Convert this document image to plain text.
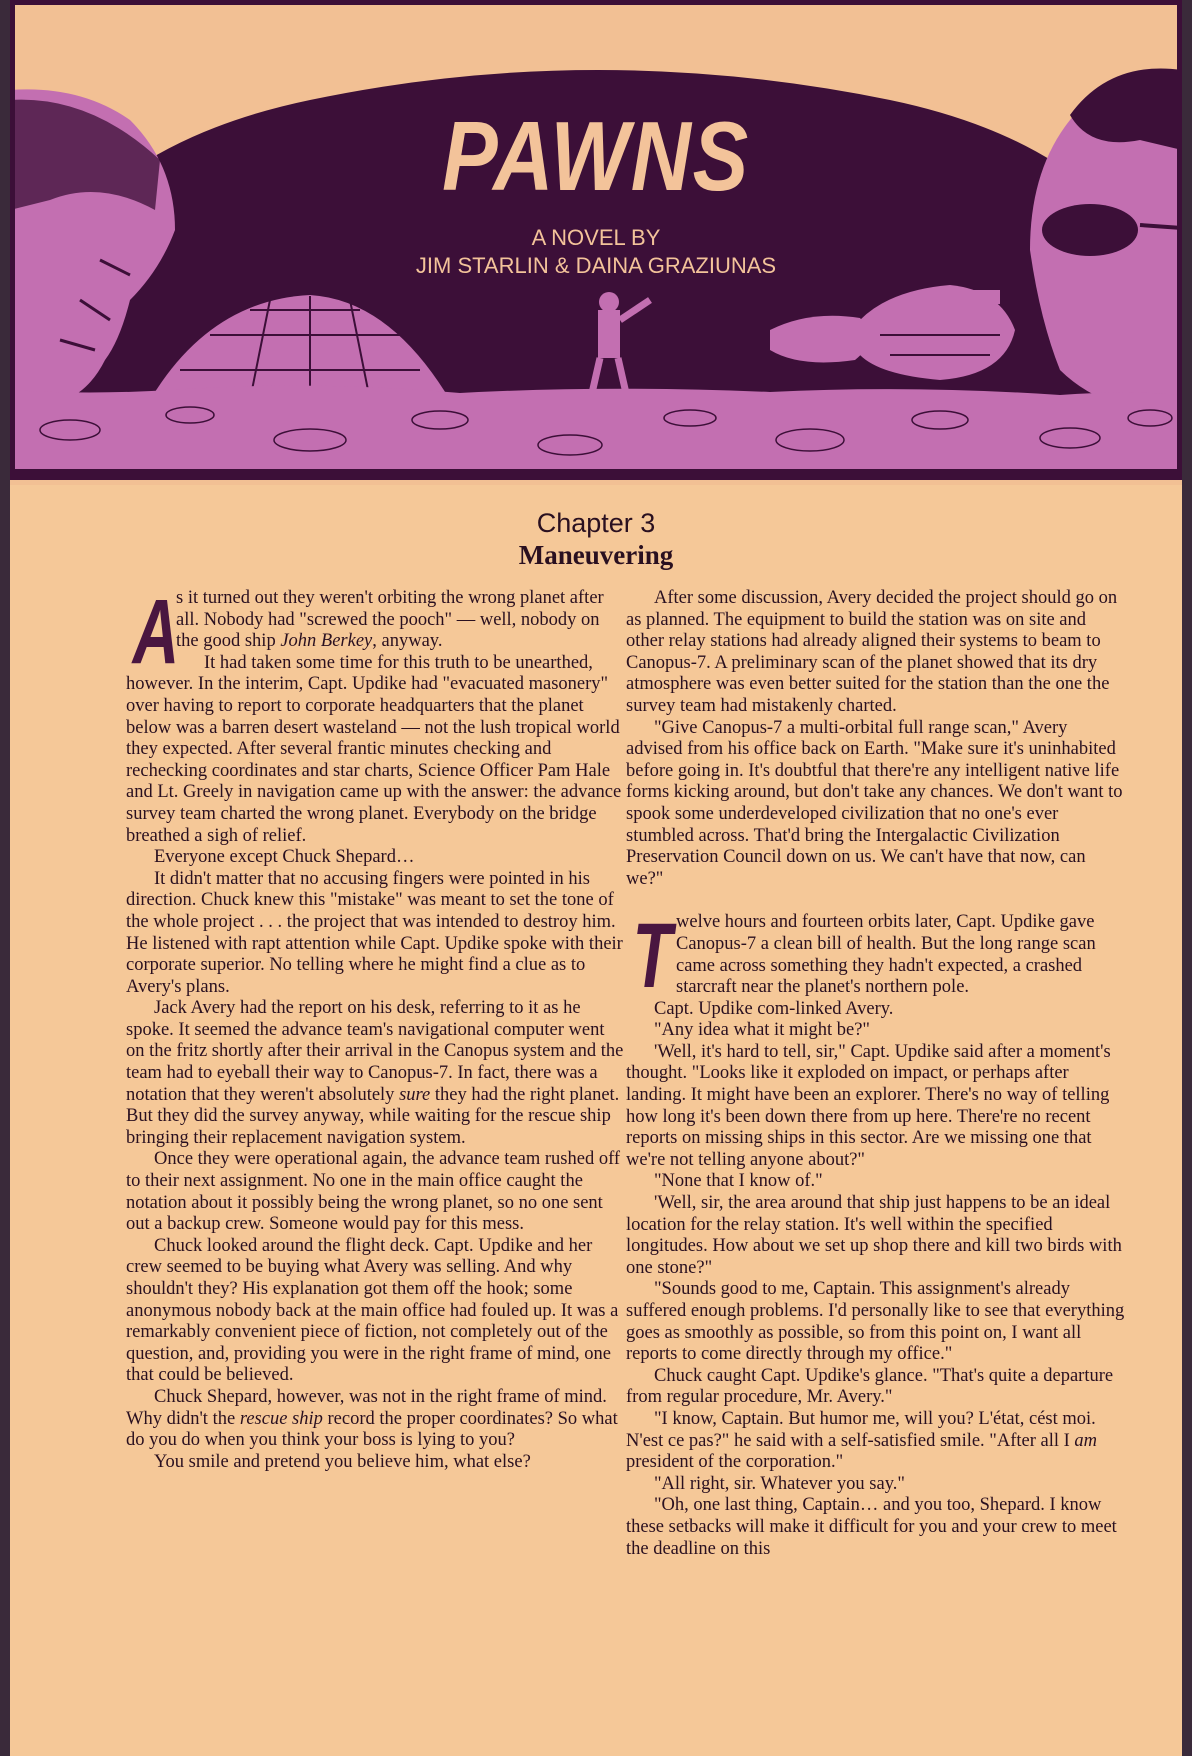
PAWNS
A NOVEL BY
JIM STARLIN & DAINA GRAZIUNAS
Chapter 3
Maneuvering

A
s it turned out they weren't orbiting the wrong planet after all. Nobody had "screwed the pooch" — well, nobody on the good ship John Berkey, anyway.

It had taken some time for this truth to be unearthed, however. In the interim, Capt. Updike had "evacuated masonery" over having to report to corporate headquarters that the planet below was a barren desert wasteland — not the lush tropical world they expected. After several frantic minutes checking and rechecking coordinates and star charts, Science Officer Pam Hale and Lt. Greely in navigation came up with the answer: the advance survey team charted the wrong planet. Everybody on the bridge breathed a sigh of relief.

Everyone except Chuck Shepard…

It didn't matter that no accusing fingers were pointed in his direction. Chuck knew this "mistake" was meant to set the tone of the whole project . . . the project that was intended to destroy him. He listened with rapt attention while Capt. Updike spoke with their corporate superior. No telling where he might find a clue as to Avery's plans.

Jack Avery had the report on his desk, referring to it as he spoke. It seemed the advance team's navigational computer went on the fritz shortly after their arrival in the Canopus system and the team had to eyeball their way to Canopus-7. In fact, there was a notation that they weren't absolutely sure they had the right planet. But they did the survey anyway, while waiting for the rescue ship bringing their replacement navigation system.

Once they were operational again, the advance team rushed off to their next assignment. No one in the main office caught the notation about it possibly being the wrong planet, so no one sent out a backup crew. Someone would pay for this mess.

Chuck looked around the flight deck. Capt. Updike and her crew seemed to be buying what Avery was selling. And why shouldn't they? His explanation got them off the hook; some anonymous nobody back at the main office had fouled up. It was a remarkably convenient piece of fiction, not completely out of the question, and, providing you were in the right frame of mind, one that could be believed.

Chuck Shepard, however, was not in the right frame of mind. Why didn't the rescue ship record the proper coordinates? So what do you do when you think your boss is lying to you?

You smile and pretend you believe him, what else?

After some discussion, Avery decided the project should go on as planned. The equipment to build the station was on site and other relay stations had already aligned their systems to beam to Canopus-7. A preliminary scan of the planet showed that its dry atmosphere was even better suited for the station than the one the survey team had mistakenly charted.

"Give Canopus-7 a multi-orbital full range scan," Avery advised from his office back on Earth. "Make sure it's uninhabited before going in. It's doubtful that there're any intelligent native life forms kicking around, but don't take any chances. We don't want to spook some underdeveloped civilization that no one's ever stumbled across. That'd bring the Intergalactic Civilization Preservation Council down on us. We can't have that now, can we?"

Twelve hours and fourteen orbits later, Capt. Updike gave Canopus-7 a clean bill of health. But the long range scan came across something they hadn't expected, a crashed starcraft near the planet's northern pole.

Capt. Updike com-linked Avery.

"Any idea what it might be?"

'Well, it's hard to tell, sir," Capt. Updike said after a moment's thought. "Looks like it exploded on impact, or perhaps after landing. It might have been an explorer. There's no way of telling how long it's been down there from up here. There're no recent reports on missing ships in this sector. Are we missing one that we're not telling anyone about?"

"None that I know of."

'Well, sir, the area around that ship just happens to be an ideal location for the relay station. It's well within the specified longitudes. How about we set up shop there and kill two birds with one stone?"

"Sounds good to me, Captain. This assignment's already suffered enough problems. I'd personally like to see that everything goes as smoothly as possible, so from this point on, I want all reports to come directly through my office."

Chuck caught Capt. Updike's glance. "That's quite a departure from regular procedure, Mr. Avery."

"I know, Captain. But humor me, will you? L'état, cést moi. N'est ce pas?" he said with a self-satisfied smile. "After all I am president of the corporation."

"All right, sir. Whatever you say."

"Oh, one last thing, Captain… and you too, Shepard. I know these setbacks will make it difficult for you and your crew to meet the deadline on this
